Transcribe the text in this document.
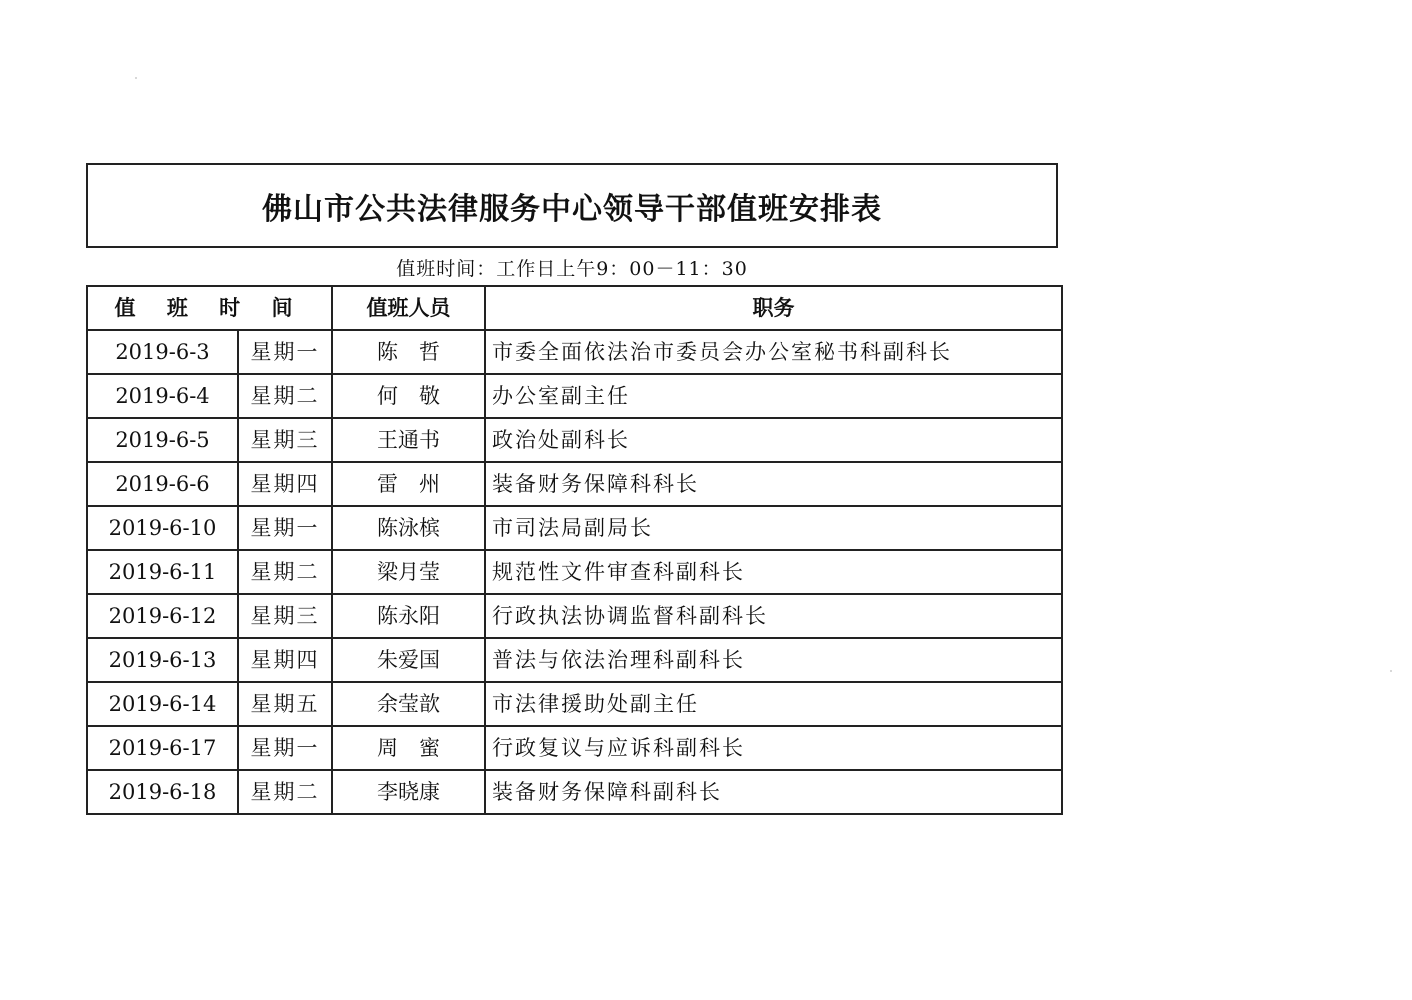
佛山市公共法律服务中心领导干部值班安排表
值班时间：工作日上午9：00－11：30
值 班 时 间		值班人员	职务
2019-6-3	星期一	陈　哲	市委全面依法治市委员会办公室秘书科副科长
2019-6-4	星期二	何　敬	办公室副主任
2019-6-5	星期三	王通书	政治处副科长
2019-6-6	星期四	雷　州	装备财务保障科科长
2019-6-10	星期一	陈泳槟	市司法局副局长
2019-6-11	星期二	梁月莹	规范性文件审查科副科长
2019-6-12	星期三	陈永阳	行政执法协调监督科副科长
2019-6-13	星期四	朱爱国	普法与依法治理科副科长
2019-6-14	星期五	余莹歆	市法律援助处副主任
2019-6-17	星期一	周　蜜	行政复议与应诉科副科长
2019-6-18	星期二	李晓康	装备财务保障科副科长
